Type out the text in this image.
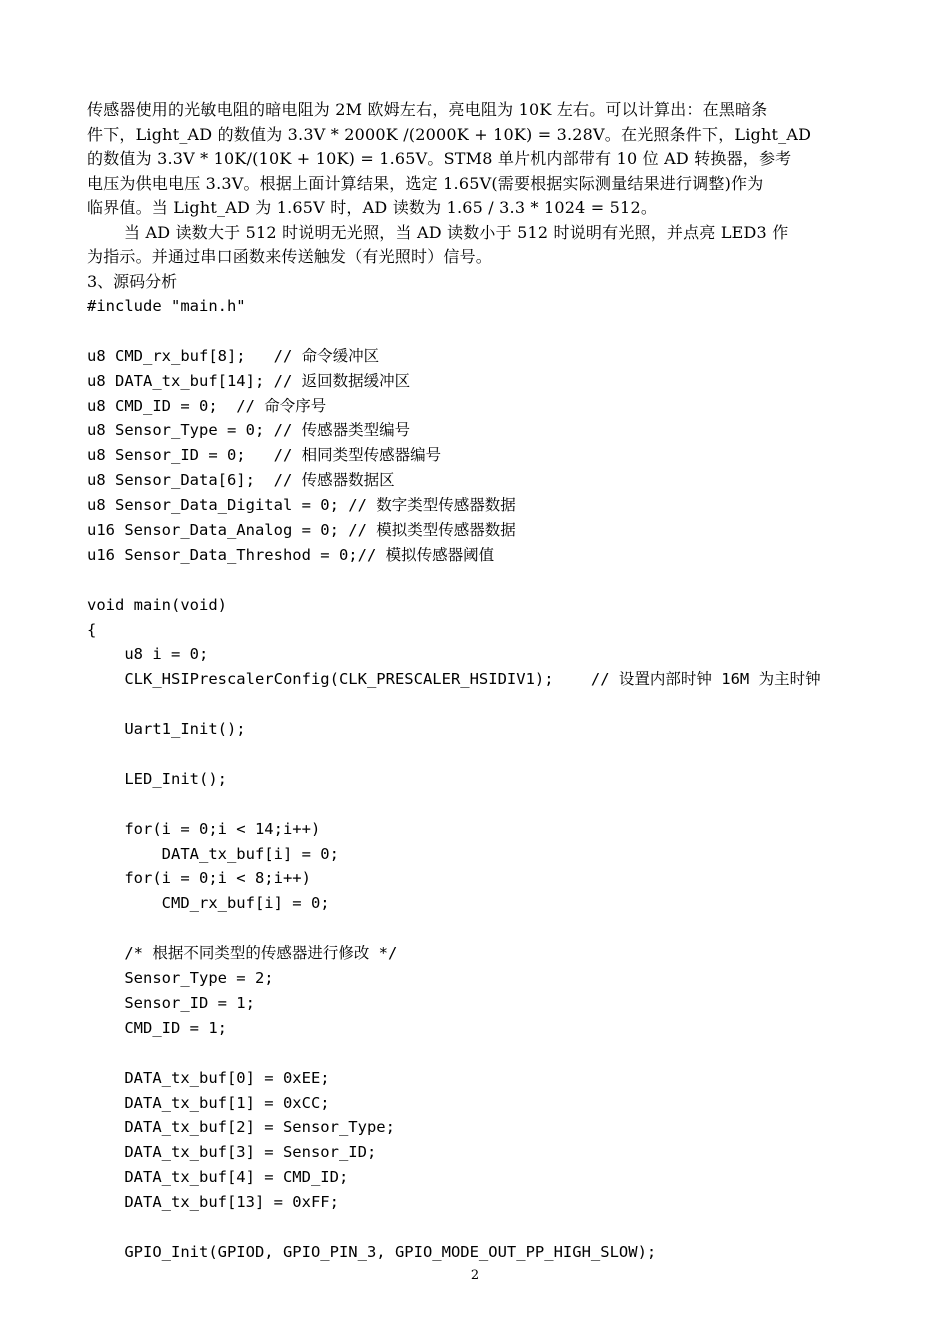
传感器使用的光敏电阻的暗电阻为 2M 欧姆左右，亮电阻为 10K 左右。可以计算出：在黑暗条
件下，Light_AD 的数值为 3.3V * 2000K /(2000K + 10K) = 3.28V。在光照条件下，Light_AD
的数值为 3.3V * 10K/(10K + 10K) = 1.65V。STM8 单片机内部带有 10 位 AD 转换器，参考
电压为供电电压 3.3V。根据上面计算结果，选定 1.65V(需要根据实际测量结果进行调整)作为
临界值。当 Light_AD 为 1.65V 时，AD 读数为 1.65 / 3.3 * 1024 = 512。

当 AD 读数大于 512 时说明无光照，当 AD 读数小于 512 时说明有光照，并点亮 LED3 作
为指示。并通过串口函数来传送触发（有光照时）信号。

3、源码分析

#include "main.h"
u8 CMD_rx_buf[8];   // 命令缓冲区
u8 DATA_tx_buf[14]; // 返回数据缓冲区
u8 CMD_ID = 0;  // 命令序号
u8 Sensor_Type = 0; // 传感器类型编号
u8 Sensor_ID = 0;   // 相同类型传感器编号
u8 Sensor_Data[6];  // 传感器数据区
u8 Sensor_Data_Digital = 0; // 数字类型传感器数据
u16 Sensor_Data_Analog = 0; // 模拟类型传感器数据
u16 Sensor_Data_Threshod = 0;// 模拟传感器阈值
void main(void)
{
u8 i = 0;
CLK_HSIPrescalerConfig(CLK_PRESCALER_HSIDIV1);    // 设置内部时钟 16M 为主时钟
Uart1_Init();
LED_Init();
for(i = 0;i < 14;i++)
DATA_tx_buf[i] = 0;
for(i = 0;i < 8;i++)
CMD_rx_buf[i] = 0;
/* 根据不同类型的传感器进行修改 */
Sensor_Type = 2;
Sensor_ID = 1;
CMD_ID = 1;
DATA_tx_buf[0] = 0xEE;
DATA_tx_buf[1] = 0xCC;
DATA_tx_buf[2] = Sensor_Type;
DATA_tx_buf[3] = Sensor_ID;
DATA_tx_buf[4] = CMD_ID;
DATA_tx_buf[13] = 0xFF;
GPIO_Init(GPIOD, GPIO_PIN_3, GPIO_MODE_OUT_PP_HIGH_SLOW);
2
